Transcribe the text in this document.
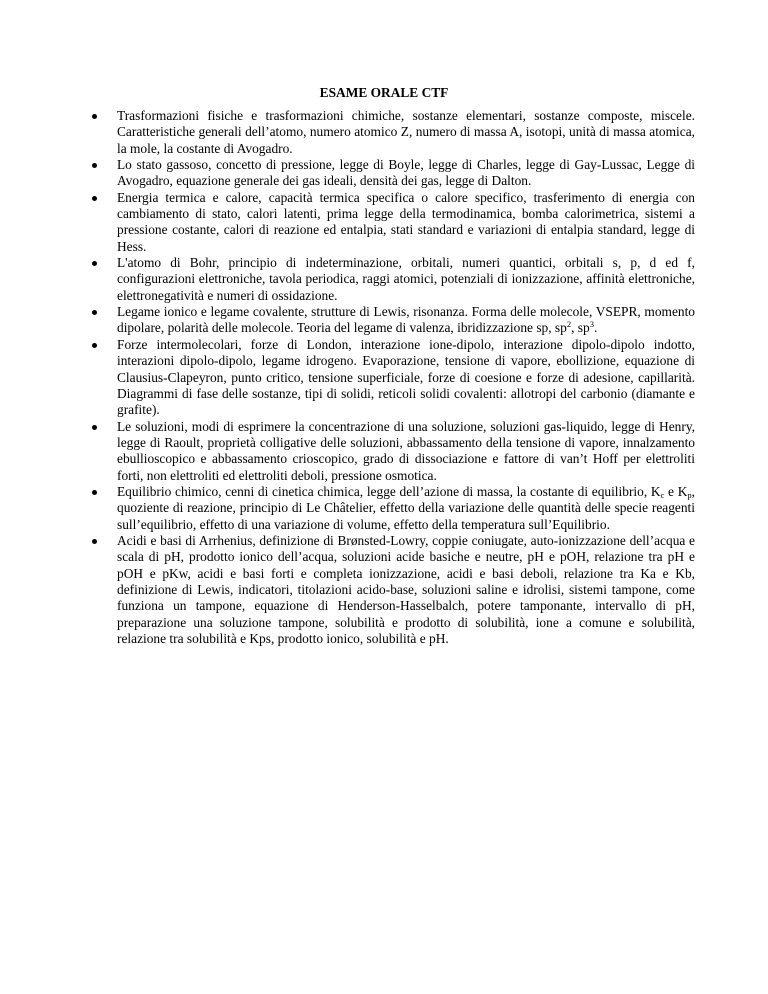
ESAME ORALE CTF
Trasformazioni fisiche e trasformazioni chimiche, sostanze elementari, sostanze composte, miscele. Caratteristiche generali dell’atomo, numero atomico Z, numero di massa A, isotopi, unità di massa atomica, la mole, la costante di Avogadro.
Lo stato gassoso, concetto di pressione, legge di Boyle, legge di Charles, legge di Gay-Lussac, Legge di Avogadro, equazione generale dei gas ideali, densità dei gas, legge di Dalton.
Energia termica e calore, capacità termica specifica o calore specifico, trasferimento di energia con cambiamento di stato, calori latenti, prima legge della termodinamica, bomba calorimetrica, sistemi a pressione costante, calori di reazione ed entalpia, stati standard e variazioni di entalpia standard, legge di Hess.
L'atomo di Bohr, principio di indeterminazione, orbitali, numeri quantici, orbitali s, p, d ed f, configurazioni elettroniche, tavola periodica, raggi atomici, potenziali di ionizzazione, affinità elettroniche, elettronegatività e numeri di ossidazione.
Legame ionico e legame covalente, strutture di Lewis, risonanza. Forma delle molecole, VSEPR, momento dipolare, polarità delle molecole. Teoria del legame di valenza, ibridizzazione sp, $sp^2$, $sp^3$.
Forze intermolecolari, forze di London, interazione ione-dipolo, interazione dipolo-dipolo indotto, interazioni dipolo-dipolo, legame idrogeno. Evaporazione, tensione di vapore, ebollizione, equazione di Clausius-Clapeyron, punto critico, tensione superficiale, forze di coesione e forze di adesione, capillarità. Diagrammi di fase delle sostanze, tipi di solidi, reticoli solidi covalenti: allotropi del carbonio (diamante e grafite).
Le soluzioni, modi di esprimere la concentrazione di una soluzione, soluzioni gas-liquido, legge di Henry, legge di Raoult, proprietà colligative delle soluzioni, abbassamento della tensione di vapore, innalzamento ebullioscopico e abbassamento crioscopico, grado di dissociazione e fattore di van’t Hoff per elettroliti forti, non elettroliti ed elettroliti deboli, pressione osmotica.
Equilibrio chimico, cenni di cinetica chimica, legge dell’azione di massa, la costante di equilibrio, $K_c$ e $K_p$, quoziente di reazione, principio di Le Châtelier, effetto della variazione delle quantità delle specie reagenti sull’equilibrio, effetto di una variazione di volume, effetto della temperatura sull’Equilibrio.
Acidi e basi di Arrhenius, definizione di Brønsted-Lowry, coppie coniugate, auto-ionizzazione dell’acqua e scala di pH, prodotto ionico dell’acqua, soluzioni acide basiche e neutre, pH e pOH, relazione tra pH e pOH e pKw, acidi e basi forti e completa ionizzazione, acidi e basi deboli, relazione tra Ka e Kb, definizione di Lewis, indicatori, titolazioni acido-base, soluzioni saline e idrolisi, sistemi tampone, come funziona un tampone, equazione di Henderson-Hasselbalch, potere tamponante, intervallo di pH, preparazione una soluzione tampone, solubilità e prodotto di solubilità, ione a comune e solubilità, relazione tra solubilità e Kps, prodotto ionico, solubilità e pH.
